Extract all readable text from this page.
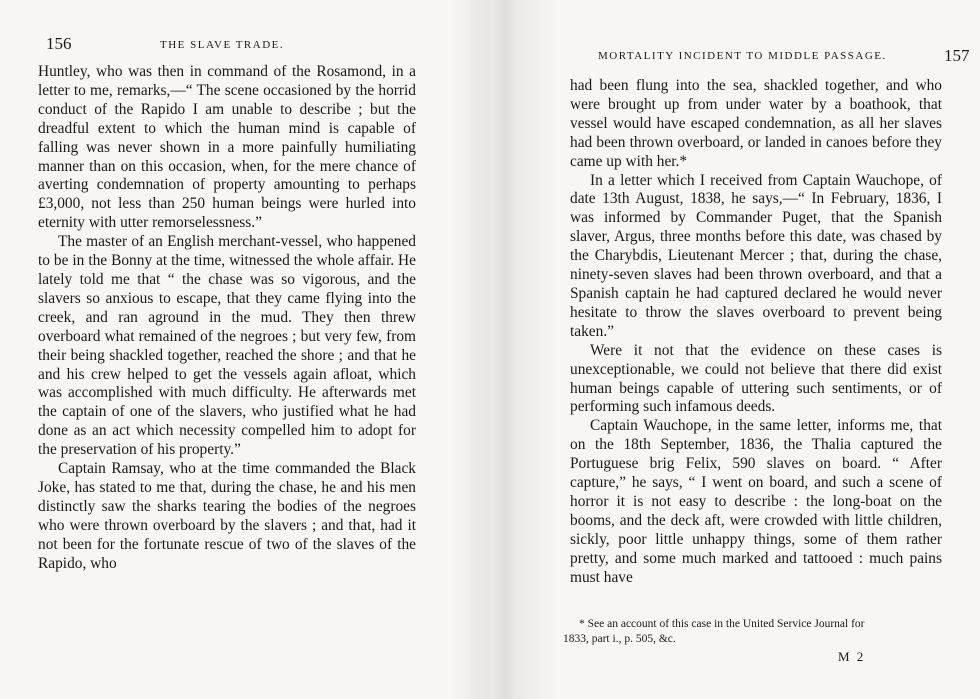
156	THE SLAVE TRADE.

Huntley, who was then in command of the Rosamond, in a letter to me, remarks,—“ The scene occasioned by the horrid conduct of the Rapido I am unable to describe ; but the dreadful extent to which the human mind is capable of falling was never shown in a more painfully humiliating manner than on this occasion, when, for the mere chance of averting condemnation of property amounting to perhaps £3,000, not less than 250 human beings were hurled into eternity with utter remorselessness.”

The master of an English merchant-vessel, who happened to be in the Bonny at the time, witnessed the whole affair. He lately told me that “ the chase was so vigorous, and the slavers so anxious to escape, that they came flying into the creek, and ran aground in the mud. They then threw overboard what remained of the negroes ; but very few, from their being shackled together, reached the shore ; and that he and his crew helped to get the vessels again afloat, which was accomplished with much difficulty. He afterwards met the captain of one of the slavers, who justified what he had done as an act which necessity compelled him to adopt for the preservation of his property.”

Captain Ramsay, who at the time commanded the Black Joke, has stated to me that, during the chase, he and his men distinctly saw the sharks tearing the bodies of the negroes who were thrown overboard by the slavers ; and that, had it not been for the fortunate rescue of two of the slaves of the Rapido, who

MORTALITY INCIDENT TO MIDDLE PASSAGE.	157

had been flung into the sea, shackled together, and who were brought up from under water by a boathook, that vessel would have escaped condemnation, as all her slaves had been thrown overboard, or landed in canoes before they came up with her.*

In a letter which I received from Captain Wauchope, of date 13th August, 1838, he says,—“ In February, 1836, I was informed by Commander Puget, that the Spanish slaver, Argus, three months before this date, was chased by the Charybdis, Lieutenant Mercer ; that, during the chase, ninety-seven slaves had been thrown overboard, and that a Spanish captain he had captured declared he would never hesitate to throw the slaves overboard to prevent being taken.”

Were it not that the evidence on these cases is unexceptionable, we could not believe that there did exist human beings capable of uttering such sentiments, or of performing such infamous deeds.

Captain Wauchope, in the same letter, informs me, that on the 18th September, 1836, the Thalia captured the Portuguese brig Felix, 590 slaves on board. “ After capture,” he says, “ I went on board, and such a scene of horror it is not easy to describe : the long-boat on the booms, and the deck aft, were crowded with little children, sickly, poor little unhappy things, some of them rather pretty, and some much marked and tattooed : much pains must have

* See an account of this case in the United Service Journal for
1833, part i., p. 505, &c.
M 2
